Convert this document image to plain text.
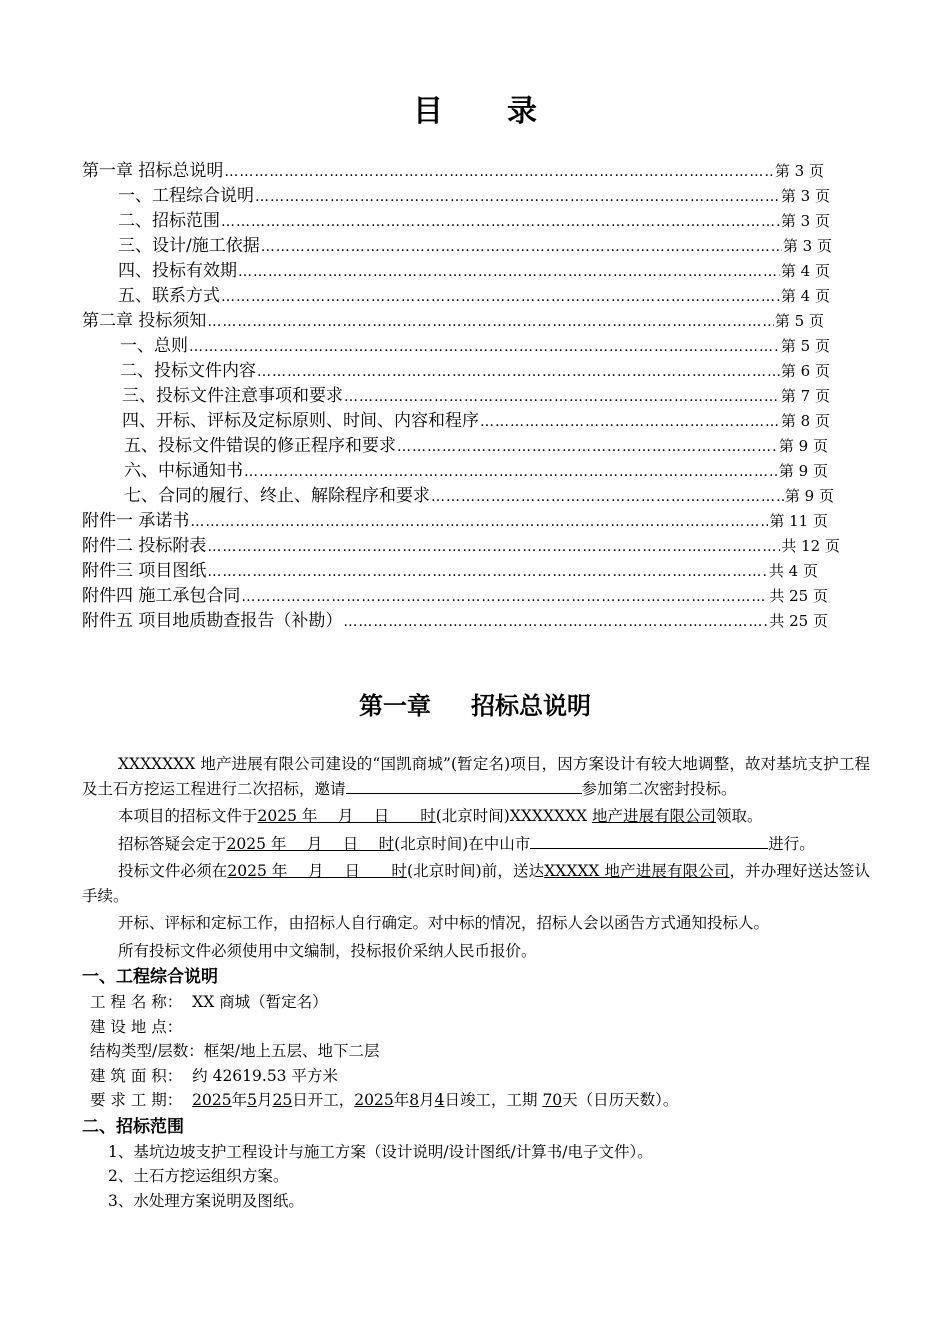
目录
第一章 招标总说明 …………………………………………………………………………………………………………………………………………………………………………………………………………………………	第 3 页
一、工程综合说明 …………………………………………………………………………………………………………………………………………………………………………………………………………………………	第 3 页
二、招标范围 …………………………………………………………………………………………………………………………………………………………………………………………………………………………	第 3 页
三、设计/施工依据 …………………………………………………………………………………………………………………………………………………………………………………………………………………………	第 3 页
四、投标有效期 …………………………………………………………………………………………………………………………………………………………………………………………………………………………	第 4 页
五、联系方式 …………………………………………………………………………………………………………………………………………………………………………………………………………………………	第 4 页
第二章 投标须知 …………………………………………………………………………………………………………………………………………………………………………………………………………………………	第 5 页
一、总则 …………………………………………………………………………………………………………………………………………………………………………………………………………………………	第 5 页
二、投标文件内容 …………………………………………………………………………………………………………………………………………………………………………………………………………………………	第 6 页
三、投标文件注意事项和要求 …………………………………………………………………………………………………………………………………………………………………………………………………………………………	第 7 页
四、开标、评标及定标原则、时间、内容和程序 …………………………………………………………………………………………………………………………………………………………………………………………………………………………	第 8 页
五、投标文件错误的修正程序和要求 …………………………………………………………………………………………………………………………………………………………………………………………………………………………	第 9 页
六、中标通知书 …………………………………………………………………………………………………………………………………………………………………………………………………………………………	第 9 页
七、合同的履行、终止、解除程序和要求 …………………………………………………………………………………………………………………………………………………………………………………………………………………………	第 9 页
附件一 承诺书 …………………………………………………………………………………………………………………………………………………………………………………………………………………………	第 11 页
附件二 投标附表 …………………………………………………………………………………………………………………………………………………………………………………………………………………………	共 12 页
附件三 项目图纸 …………………………………………………………………………………………………………………………………………………………………………………………………………………………	共 4 页
附件四 施工承包合同 …………………………………………………………………………………………………………………………………………………………………………………………………………………………	共 25 页
附件五 项目地质勘查报告（补勘） …………………………………………………………………………………………………………………………………………………………………………………………………………………………	共 25 页
第一章 招标总说明

XXXXXXX 地产进展有限公司建设的“国凯商城”(暂定名)项目，因方案设计有较大地调整，故对基坑支护工程及土石方挖运工程进行二次招标，邀请	参加第二次密封投标。

本项目的招标文件于2025 年　 月　 日　　时(北京时间)XXXXXXX 地产进展有限公司领取。

招标答疑会定于2025 年　 月　 日　 时(北京时间)在中山市	进行。

投标文件必须在2025 年　 月　 日　　时(北京时间)前，送达XXXXX 地产进展有限公司，并办理好送达签认手续。

开标、评标和定标工作，由招标人自行确定。对中标的情况，招标人会以函告方式通知投标人。

所有投标文件必须使用中文编制，投标报价采纳人民币报价。

一、工程综合说明
工 程 名 称： XX 商城（暂定名）
建 设 地 点：
结构类型/层数：框架/地上五层、地下二层
建 筑 面 积： 约 42619.53 平方米
要 求 工 期： 2025年5月25日开工，2025年8月4日竣工，工期 70天（日历天数）。
二、招标范围
1、基坑边坡支护工程设计与施工方案（设计说明/设计图纸/计算书/电子文件）。
2、土石方挖运组织方案。
3、水处理方案说明及图纸。
